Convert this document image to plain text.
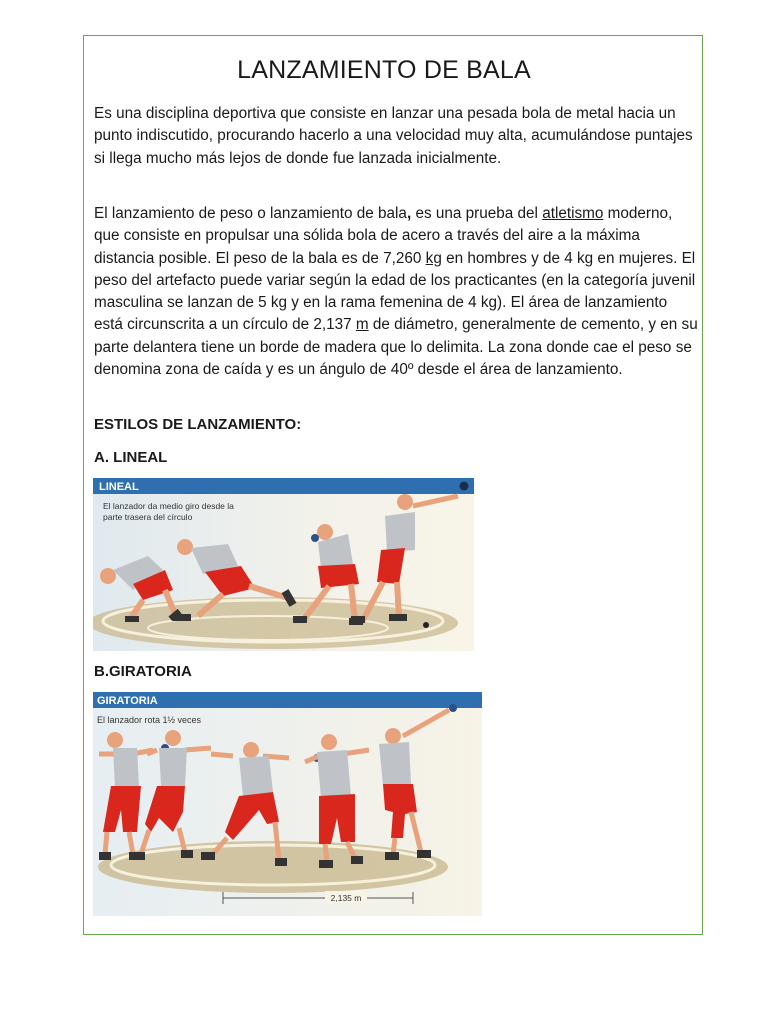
LANZAMIENTO DE BALA

Es una disciplina deportiva que consiste en lanzar una pesada bola de metal hacia un punto indiscutido, procurando hacerlo a una velocidad muy alta, acumulándose puntajes si llega mucho más lejos de donde fue lanzada inicialmente.

El lanzamiento de peso o lanzamiento de bala, es una prueba del atletismo moderno, que consiste en propulsar una sólida bola de acero a través del aire a la máxima distancia posible. El peso de la bala es de 7,260 kg en hombres y de 4 kg en mujeres. El peso del artefacto puede variar según la edad de los practicantes (en la categoría juvenil masculina se lanzan de 5 kg y en la rama femenina de 4 kg). El área de lanzamiento está circunscrita a un círculo de 2,137 m de diámetro, generalmente de cemento, y en su parte delantera tiene un borde de madera que lo delimita. La zona donde cae el peso se denomina zona de caída y es un ángulo de 40º desde el área de lanzamiento.

ESTILOS DE LANZAMIENTO:
A. LINEAL
LINEAL
El lanzador da medio giro desde la
parte trasera del círculo
B.GIRATORIA
GIRATORIA
El lanzador rota 1½ veces
2,135 m
